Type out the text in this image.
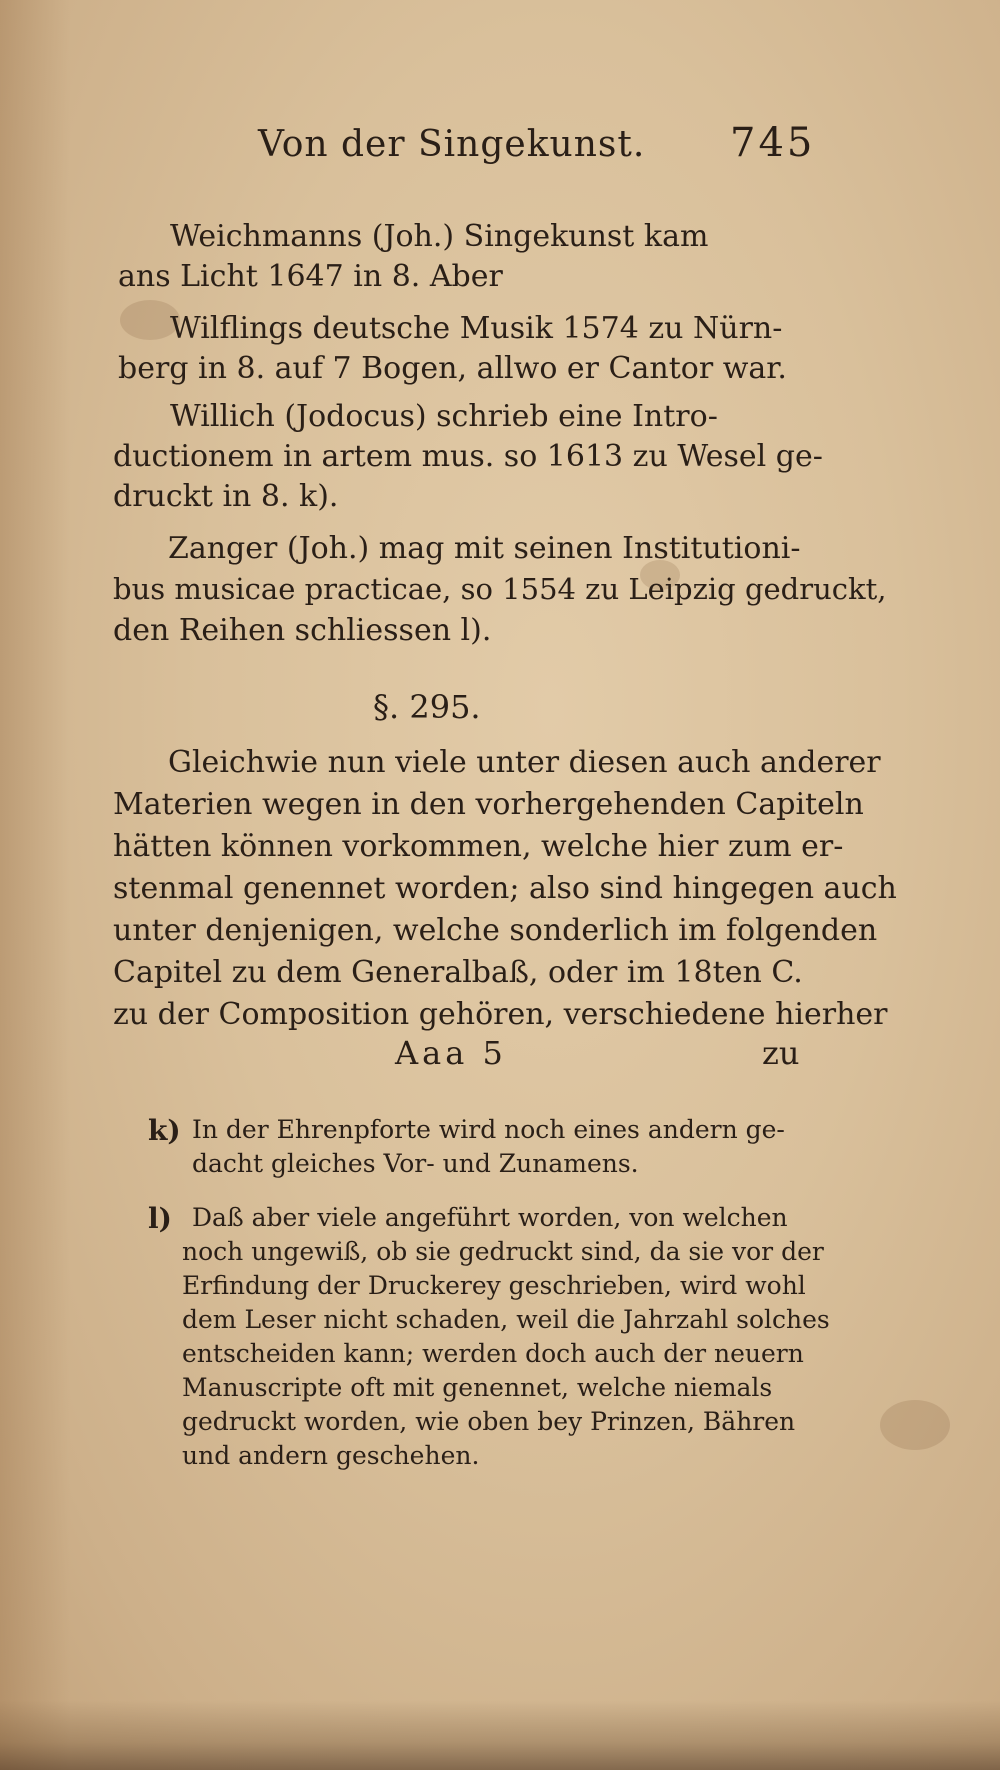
Von der Singekunst. 745
Weichmanns (Joh.) Singekunst kam
ans Licht 1647 in 8. Aber
Wilflings deutsche Musik 1574 zu Nürn-
berg in 8. auf 7 Bogen, allwo er Cantor war.
Willich (Jodocus) schrieb eine Intro-
ductionem in artem mus. so 1613 zu Wesel ge-
druckt in 8. k).
Zanger (Joh.) mag mit seinen Institutioni-
bus musicae practicae, so 1554 zu Leipzig gedruckt,
den Reihen schliessen l).
§. 295.
Gleichwie nun viele unter diesen auch anderer
Materien wegen in den vorhergehenden Capiteln
hätten können vorkommen, welche hier zum er-
stenmal genennet worden; also sind hingegen auch
unter denjenigen, welche sonderlich im folgenden
Capitel zu dem Generalbaß, oder im 18ten C.
zu der Composition gehören, verschiedene hierher
Aaa 5	zu
k) In der Ehrenpforte wird noch eines andern ge-
dacht gleiches Vor- und Zunamens.
l) Daß aber viele angeführt worden, von welchen
noch ungewiß, ob sie gedruckt sind, da sie vor der
Erfindung der Druckerey geschrieben, wird wohl
dem Leser nicht schaden, weil die Jahrzahl solches
entscheiden kann; werden doch auch der neuern
Manuscripte oft mit genennet, welche niemals
gedruckt worden, wie oben bey Prinzen, Bähren
und andern geschehen.
